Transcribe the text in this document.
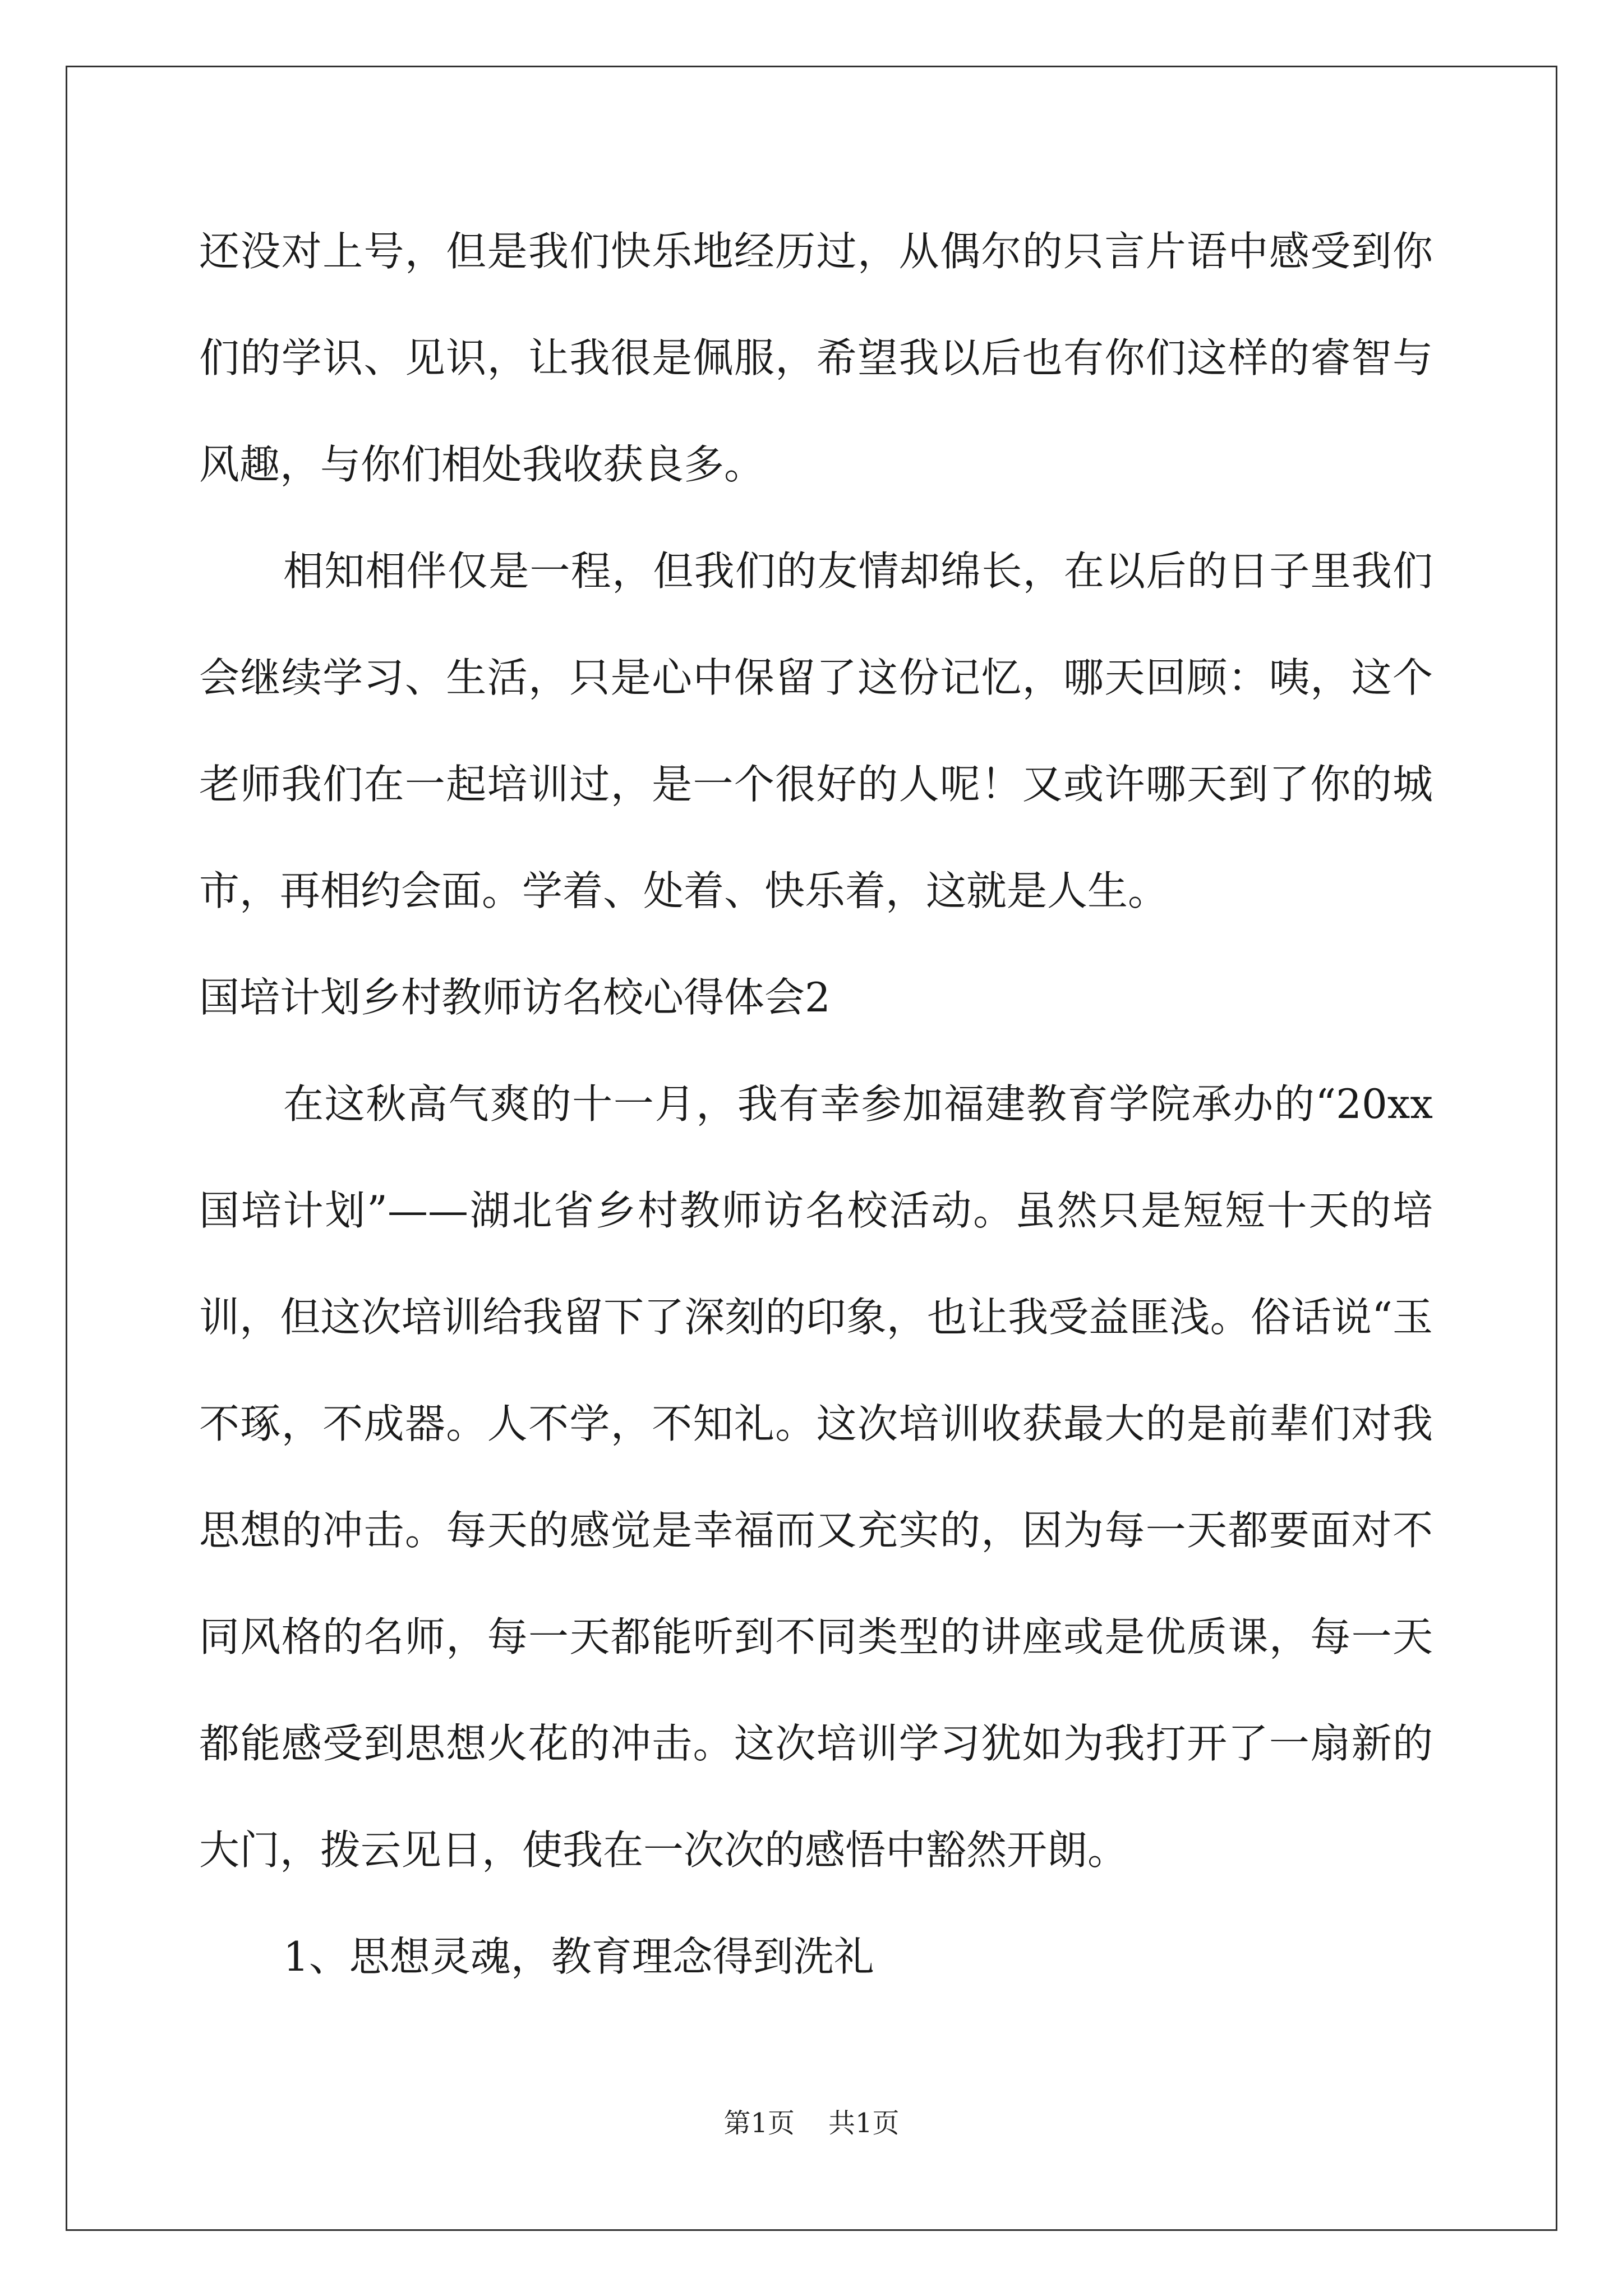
还没对上号，但是我们快乐地经历过，从偶尔的只言片语中感受到你
们的学识、见识，让我很是佩服，希望我以后也有你们这样的睿智与
风趣，与你们相处我收获良多。
相知相伴仅是一程，但我们的友情却绵长，在以后的日子里我们
会继续学习、生活，只是心中保留了这份记忆，哪天回顾：咦，这个
老师我们在一起培训过，是一个很好的人呢！又或许哪天到了你的城
市，再相约会面。学着、处着、快乐着，这就是人生。
国培计划乡村教师访名校心得体会2
在这秋高气爽的十一月，我有幸参加福建教育学院承办的“20xx
国培计划”——湖北省乡村教师访名校活动。虽然只是短短十天的培
训，但这次培训给我留下了深刻的印象，也让我受益匪浅。俗话说“玉
不琢，不成器。人不学，不知礼。这次培训收获最大的是前辈们对我
思想的冲击。每天的感觉是幸福而又充实的，因为每一天都要面对不
同风格的名师，每一天都能听到不同类型的讲座或是优质课，每一天
都能感受到思想火花的冲击。这次培训学习犹如为我打开了一扇新的
大门，拨云见日，使我在一次次的感悟中豁然开朗。
1、思想灵魂，教育理念得到洗礼
第1页 共1页
